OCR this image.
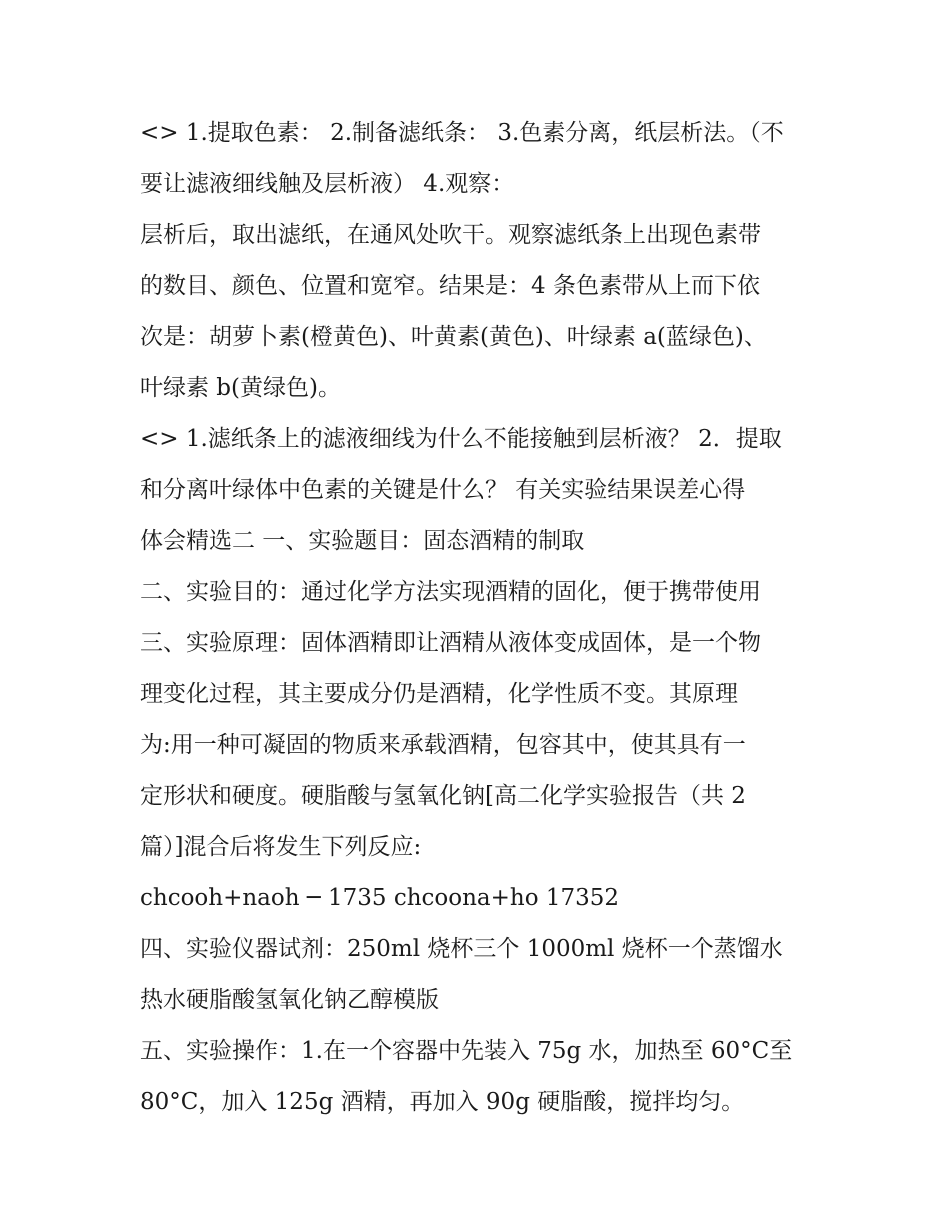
<> 1.提取色素： 2.制备滤纸条： 3.色素分离，纸层析法。（不
要让滤液细线触及层析液） 4.观察：
层析后，取出滤纸，在通风处吹干。观察滤纸条上出现色素带
的数目、颜色、位置和宽窄。结果是：4 条色素带从上而下依
次是：胡萝卜素(橙黄色)、叶黄素(黄色)、叶绿素 a(蓝绿色)、
叶绿素 b(黄绿色)。
<> 1.滤纸条上的滤液细线为什么不能接触到层析液？ 2．提取
和分离叶绿体中色素的关键是什么？ 有关实验结果误差心得
体会精选二 一、实验题目：固态酒精的制取
二、实验目的：通过化学方法实现酒精的固化，便于携带使用
三、实验原理：固体酒精即让酒精从液体变成固体，是一个物
理变化过程，其主要成分仍是酒精，化学性质不变。其原理
为:用一种可凝固的物质来承载酒精，包容其中，使其具有一
定形状和硬度。硬脂酸与氢氧化钠[高二化学实验报告（共 2
篇）]混合后将发生下列反应:
chcooh+naoh ─ 1735 chcoona+ho 17352
四、实验仪器试剂：250ml 烧杯三个 1000ml 烧杯一个蒸馏水
热水硬脂酸氢氧化钠乙醇模版
五、实验操作：1.在一个容器中先装入 75g 水，加热至 60°C至
80°C，加入 125g 酒精，再加入 90g 硬脂酸，搅拌均匀。
